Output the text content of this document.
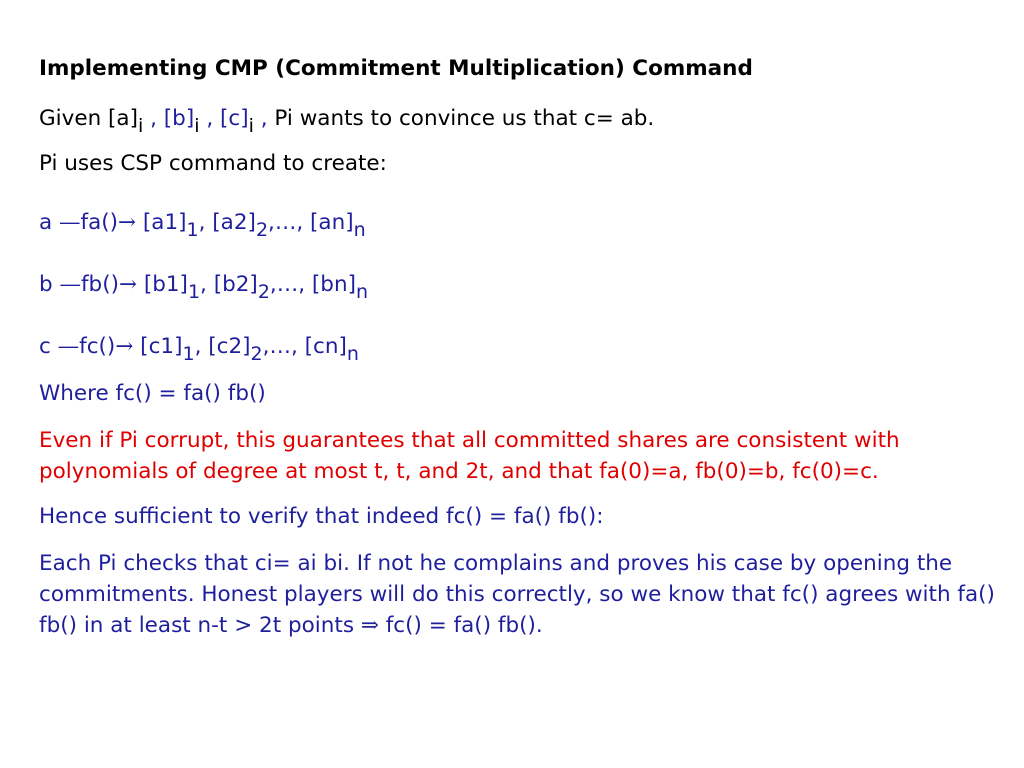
Implementing CMP (Commitment Multiplication) Command
Given [a]i , [b]i , [c]i , Pi wants to convince us that c= ab.
Pi uses CSP command to create:
a —fa()→ [a1]1, [a2]2,…, [an]n
b —fb()→ [b1]1, [b2]2,…, [bn]n
c —fc()→ [c1]1, [c2]2,…, [cn]n
Where fc() = fa() fb()
Even if Pi corrupt, this guarantees that all committed shares are consistent with polynomials of degree at most t, t, and 2t, and that fa(0)=a, fb(0)=b, fc(0)=c.
Hence sufficient to verify that indeed fc() = fa() fb():
Each Pi checks that ci= ai bi. If not he complains and proves his case by opening the commitments. Honest players will do this correctly, so we know that fc() agrees with fa() fb() in at least n-t > 2t points ⇒ fc() = fa() fb().
